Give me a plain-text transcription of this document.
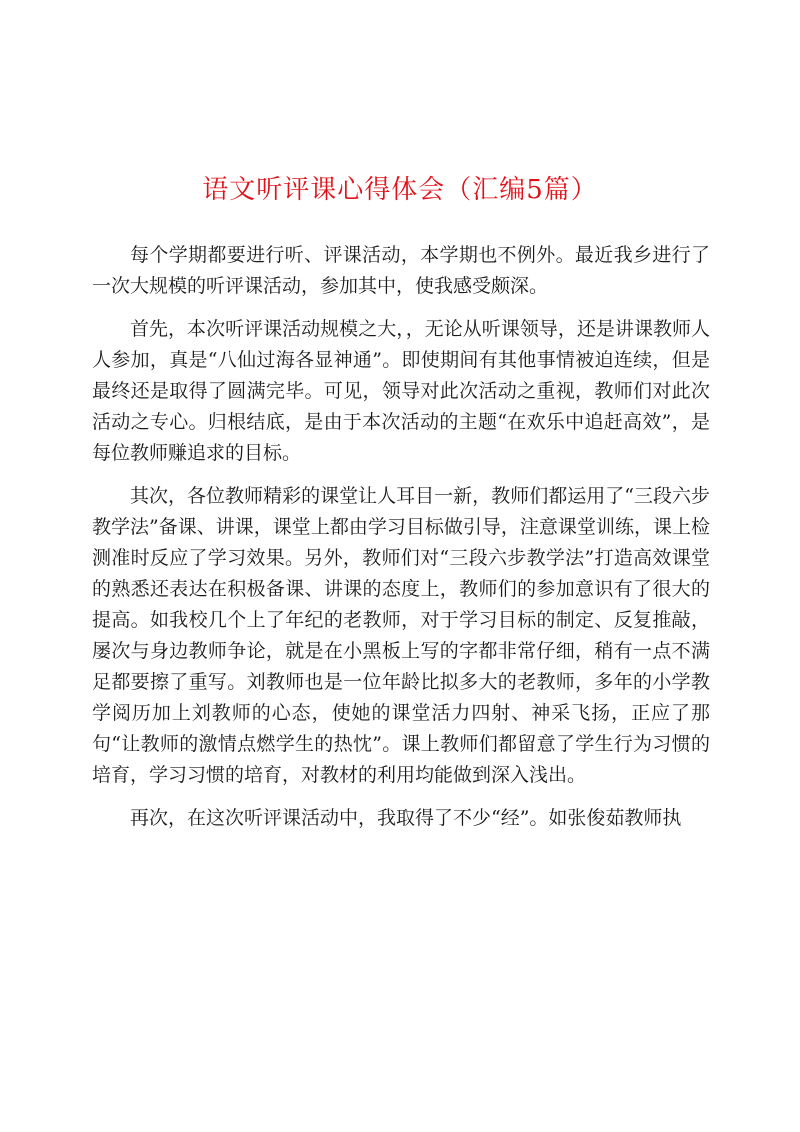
语文听评课心得体会（汇编5篇）

每个学期都要进行听、评课活动，本学期也不例外。最近我乡进行了一次大规模的听评课活动，参加其中，使我感受颇深。

首先，本次听评课活动规模之大，，无论从听课领导，还是讲课教师人人参加，真是“八仙过海各显神通”。即使期间有其他事情被迫连续，但是最终还是取得了圆满完毕。可见，领导对此次活动之重视，教师们对此次活动之专心。归根结底，是由于本次活动的主题“在欢乐中追赶高效”，是每位教师赚追求的目标。

其次，各位教师精彩的课堂让人耳目一新，教师们都运用了“三段六步教学法”备课、讲课，课堂上都由学习目标做引导，注意课堂训练，课上检测准时反应了学习效果。另外，教师们对“三段六步教学法”打造高效课堂的熟悉还表达在积极备课、讲课的态度上，教师们的参加意识有了很大的提高。如我校几个上了年纪的老教师，对于学习目标的制定、反复推敲，屡次与身边教师争论，就是在小黑板上写的字都非常仔细，稍有一点不满足都要擦了重写。刘教师也是一位年龄比拟多大的老教师，多年的小学教学阅历加上刘教师的心态，使她的课堂活力四射、神采飞扬，正应了那句“让教师的激情点燃学生的热忱”。课上教师们都留意了学生行为习惯的培育，学习习惯的培育，对教材的利用均能做到深入浅出。

再次，在这次听评课活动中，我取得了不少“经”。如张俊茹教师执
